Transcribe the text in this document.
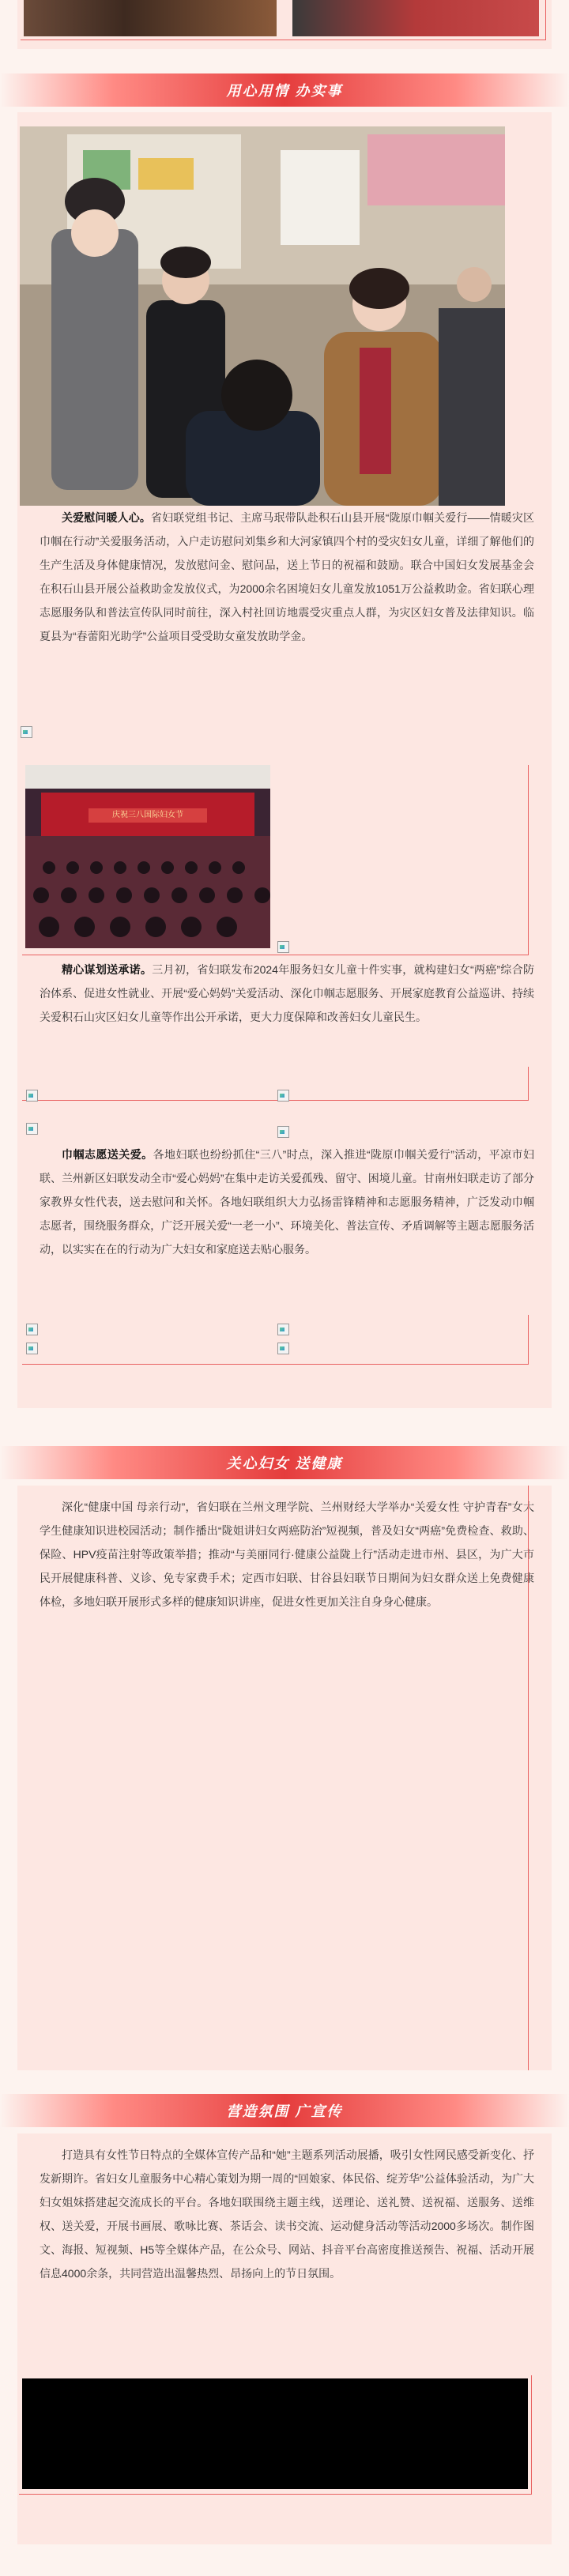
用心用情 办实事

关爱慰问暖人心。省妇联党组书记、主席马珉带队赴积石山县开展“陇原巾帼关爱行——情暖灾区巾帼在行动”关爱服务活动，入户走访慰问刘集乡和大河家镇四个村的受灾妇女儿童，详细了解他们的生产生活及身体健康情况，发放慰问金、慰问品，送上节日的祝福和鼓励。联合中国妇女发展基金会在积石山县开展公益救助金发放仪式，为2000余名困境妇女儿童发放1051万公益救助金。省妇联心理志愿服务队和普法宣传队同时前往，深入村社回访地震受灾重点人群，为灾区妇女普及法律知识。临夏县为“春蕾阳光助学”公益项目受受助女童发放助学金。

庆祝三八国际妇女节

精心谋划送承诺。三月初，省妇联发布2024年服务妇女儿童十件实事，就构建妇女“两癌”综合防治体系、促进女性就业、开展“爱心妈妈”关爱活动、深化巾帼志愿服务、开展家庭教育公益巡讲、持续关爱积石山灾区妇女儿童等作出公开承诺，更大力度保障和改善妇女儿童民生。

巾帼志愿送关爱。各地妇联也纷纷抓住“三八”时点，深入推进“陇原巾帼关爱行”活动，平凉市妇联、兰州新区妇联发动全市“爱心妈妈”在集中走访关爱孤残、留守、困境儿童。甘南州妇联走访了部分家教界女性代表，送去慰问和关怀。各地妇联组织大力弘扬雷锋精神和志愿服务精神，广泛发动巾帼志愿者，围绕服务群众，广泛开展关爱“一老一小”、环境美化、普法宣传、矛盾调解等主题志愿服务活动，以实实在在的行动为广大妇女和家庭送去贴心服务。

关心妇女 送健康

深化“健康中国 母亲行动”，省妇联在兰州文理学院、兰州财经大学举办“关爱女性 守护青春”女大学生健康知识进校园活动；制作播出“陇姐讲妇女两癌防治”短视频，普及妇女“两癌”免费检查、救助、保险、HPV疫苗注射等政策举措；推动“与美丽同行·健康公益陇上行”活动走进市州、县区，为广大市民开展健康科普、义诊、免专家费手术；定西市妇联、甘谷县妇联节日期间为妇女群众送上免费健康体检，多地妇联开展形式多样的健康知识讲座，促进女性更加关注自身身心健康。

营造氛围 广宣传

打造具有女性节日特点的全媒体宣传产品和“她”主题系列活动展播，吸引女性网民感受新变化、抒发新期许。省妇女儿童服务中心精心策划为期一周的“回娘家、体民俗、绽芳华”公益体验活动，为广大妇女姐妹搭建起交流成长的平台。各地妇联围绕主题主线，送理论、送礼赞、送祝福、送服务、送维权、送关爱，开展书画展、歌咏比赛、茶话会、读书交流、运动健身活动等活动2000多场次。制作图文、海报、短视频、H5等全媒体产品，在公众号、网站、抖音平台高密度推送预告、祝福、活动开展信息4000余条，共同营造出温馨热烈、昂扬向上的节日氛围。
